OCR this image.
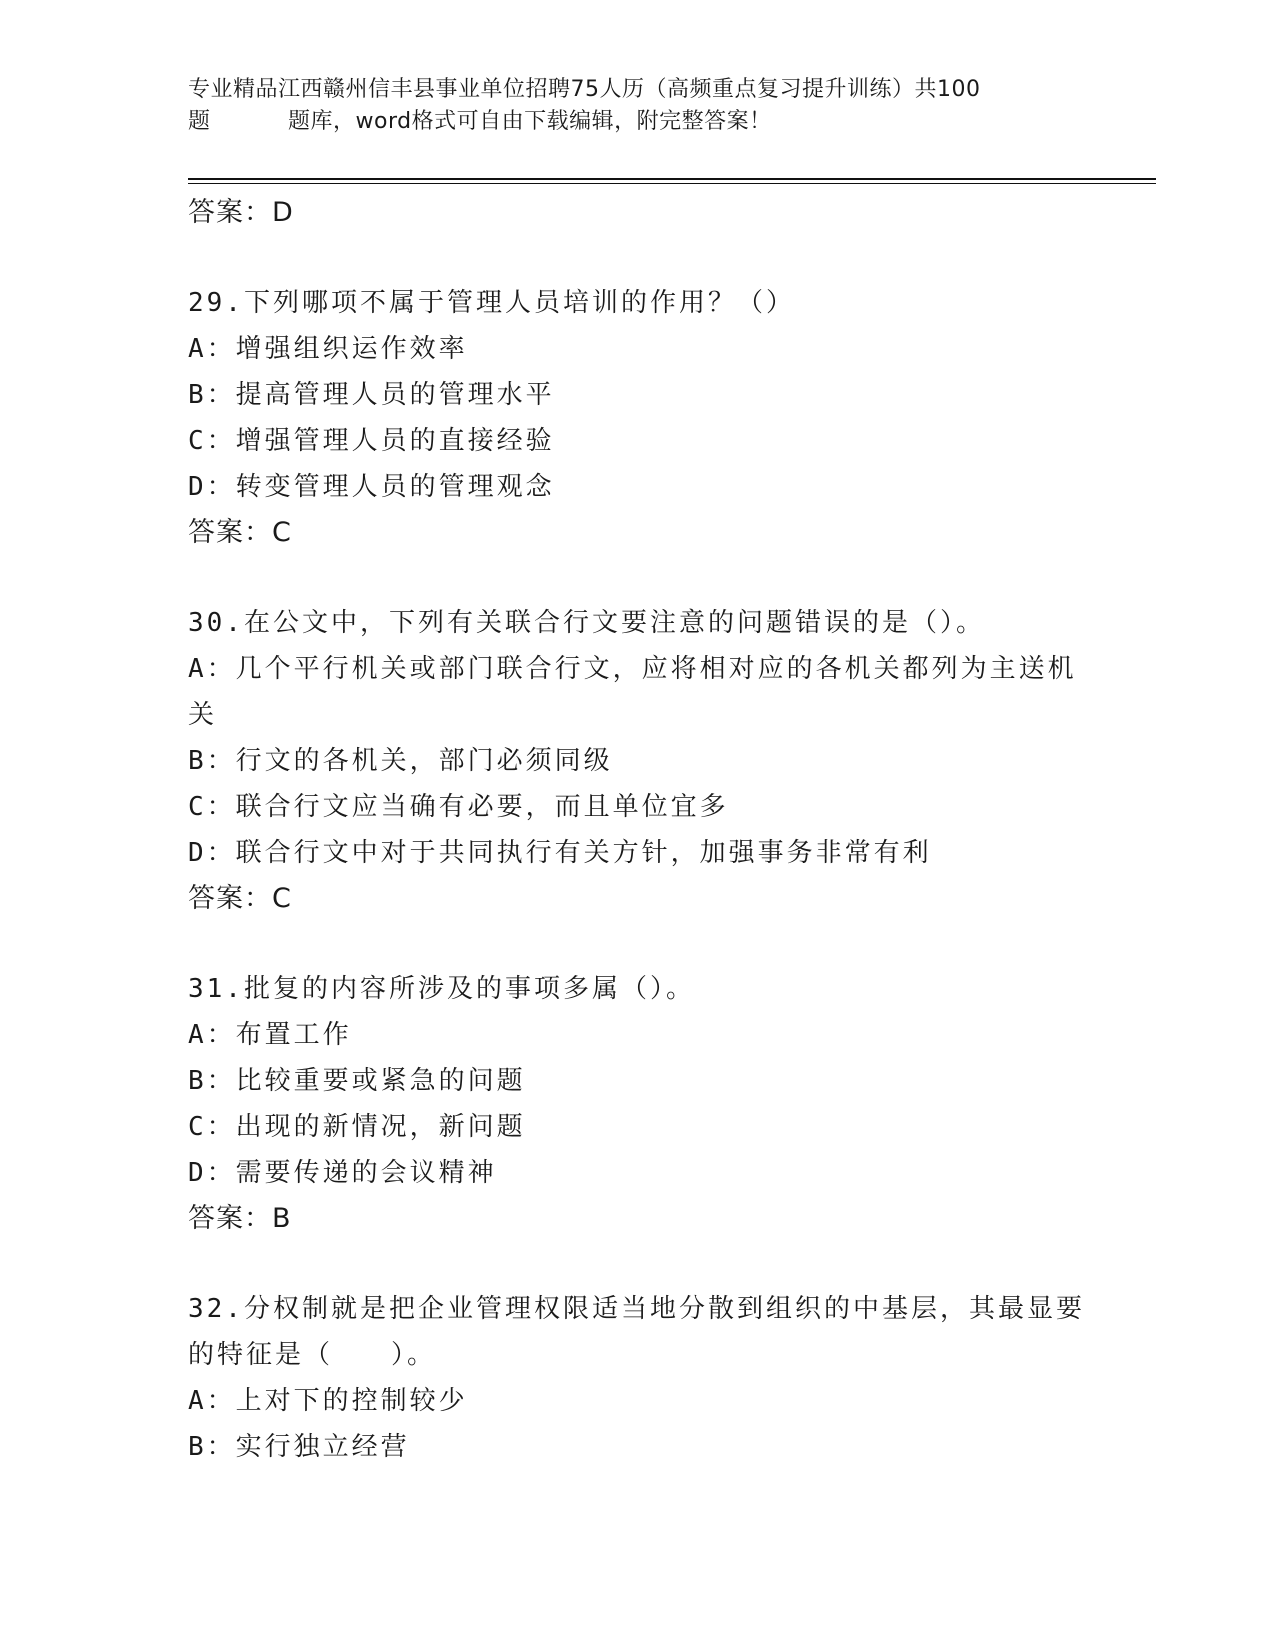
专业精品江西赣州信丰县事业单位招聘75人历（高频重点复习提升训练）共100
题	题库，word格式可自由下载编辑，附完整答案！
答案：D
29.下列哪项不属于管理人员培训的作用？（）
A：增强组织运作效率
B：提高管理人员的管理水平
C：增强管理人员的直接经验
D：转变管理人员的管理观念
答案：C
30.在公文中，下列有关联合行文要注意的问题错误的是（）。
A：几个平行机关或部门联合行文，应将相对应的各机关都列为主送机
关
B：行文的各机关，部门必须同级
C：联合行文应当确有必要，而且单位宜多
D：联合行文中对于共同执行有关方针，加强事务非常有利
答案：C
31.批复的内容所涉及的事项多属（）。
A：布置工作
B：比较重要或紧急的问题
C：出现的新情况，新问题
D：需要传递的会议精神
答案：B
32.分权制就是把企业管理权限适当地分散到组织的中基层，其最显要
的特征是（　　）。
A：上对下的控制较少
B：实行独立经营
